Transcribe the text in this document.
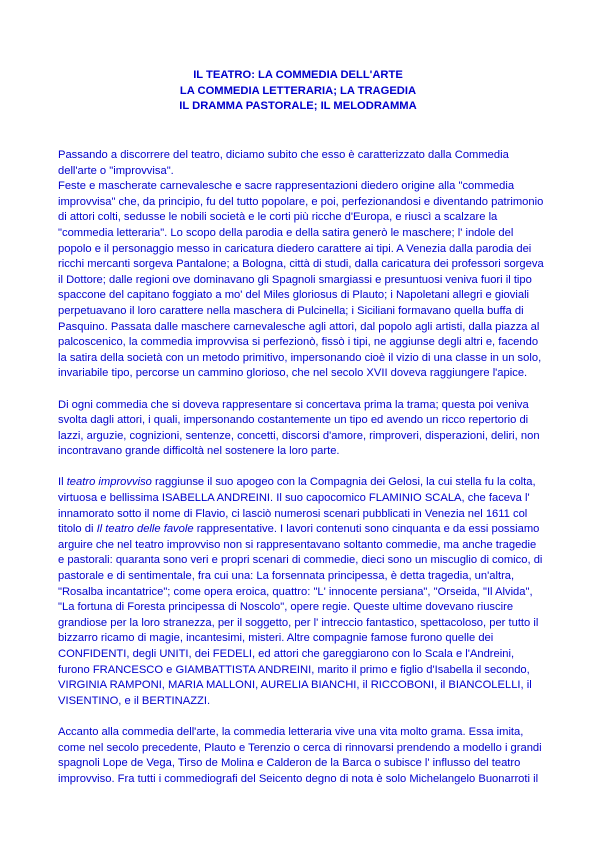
IL TEATRO: LA COMMEDIA DELL'ARTE
LA COMMEDIA LETTERARIA; LA TRAGEDIA
IL DRAMMA PASTORALE; IL MELODRAMMA

Passando a discorrere del teatro, diciamo subito che esso è caratterizzato dalla Commedia dell'arte o "improvvisa".

Feste e mascherate carnevalesche e sacre rappresentazioni diedero origine alla "commedia improvvisa" che, da principio, fu del tutto popolare, e poi, perfezionandosi e diventando patrimonio di attori colti, sedusse le nobili società e le corti più ricche d'Europa, e riuscì a scalzare la "commedia letteraria". Lo scopo della parodia e della satira generò le maschere; l' indole del popolo e il personaggio messo in caricatura diedero carattere ai tipi. A Venezia dalla parodia dei ricchi mercanti sorgeva Pantalone; a Bologna, città di studi, dalla caricatura dei professori sorgeva il Dottore; dalle regioni ove dominavano gli Spagnoli smargiassi e presuntuosi veniva fuori il tipo spaccone del capitano foggiato a mo' del Miles gloriosus di Plauto; i Napoletani allegri e gioviali perpetuavano il loro carattere nella maschera di Pulcinella; i Siciliani formavano quella buffa di Pasquino. Passata dalle maschere carnevalesche agli attori, dal popolo agli artisti, dalla piazza al palcoscenico, la commedia improvvisa si perfezionò, fissò i tipi, ne aggiunse degli altri e, facendo la satira della società con un metodo primitivo, impersonando cioè il vizio di una classe in un solo, invariabile tipo, percorse un cammino glorioso, che nel secolo XVII doveva raggiungere l'apice.

Di ogni commedia che si doveva rappresentare si concertava prima la trama; questa poi veniva svolta dagli attori, i quali, impersonando costantemente un tipo ed avendo un ricco repertorio di lazzi, arguzie, cognizioni, sentenze, concetti, discorsi d'amore, rimproveri, disperazioni, deliri, non incontravano grande difficoltà nel sostenere la loro parte.

Il teatro improvviso raggiunse il suo apogeo con la Compagnia dei Gelosi, la cui stella fu la colta, virtuosa e bellissima ISABELLA ANDREINI. Il suo capocomico FLAMINIO SCALA, che faceva l' innamorato sotto il nome di Flavio, ci lasciò numerosi scenari pubblicati in Venezia nel 1611 col titolo di Il teatro delle favole rappresentative. I lavori contenuti sono cinquanta e da essi possiamo arguire che nel teatro improvviso non si rappresentavano soltanto commedie, ma anche tragedie e pastorali: quaranta sono veri e propri scenari di commedie, dieci sono un miscuglio di comico, di pastorale e di sentimentale, fra cui una: La forsennata principessa, è detta tragedia, un'altra, "Rosalba incantatrice"; come opera eroica, quattro: "L' innocente persiana", "Orseida, "Il Alvida", "La fortuna di Foresta principessa di Noscolo", opere regie. Queste ultime dovevano riuscire grandiose per la loro stranezza, per il soggetto, per l' intreccio fantastico, spettacoloso, per tutto il bizzarro ricamo di magie, incantesimi, misteri. Altre compagnie famose furono quelle dei CONFIDENTI, degli UNITI, dei FEDELI, ed attori che gareggiarono con lo Scala e l'Andreini, furono FRANCESCO e GIAMBATTISTA ANDREINI, marito il primo e figlio d'Isabella il secondo, VIRGINIA RAMPONI, MARIA MALLONI, AURELIA BIANCHI, il RICCOBONI, il BIANCOLELLI, il VISENTINO, e il BERTINAZZI.

Accanto alla commedia dell'arte, la commedia letteraria vive una vita molto grama. Essa imita, come nel secolo precedente, Plauto e Terenzio o cerca di rinnovarsi prendendo a modello i grandi spagnoli Lope de Vega, Tirso de Molina e Calderon de la Barca o subisce l' influsso del teatro improvviso. Fra tutti i commediografi del Seicento degno di nota è solo Michelangelo Buonarroti il
